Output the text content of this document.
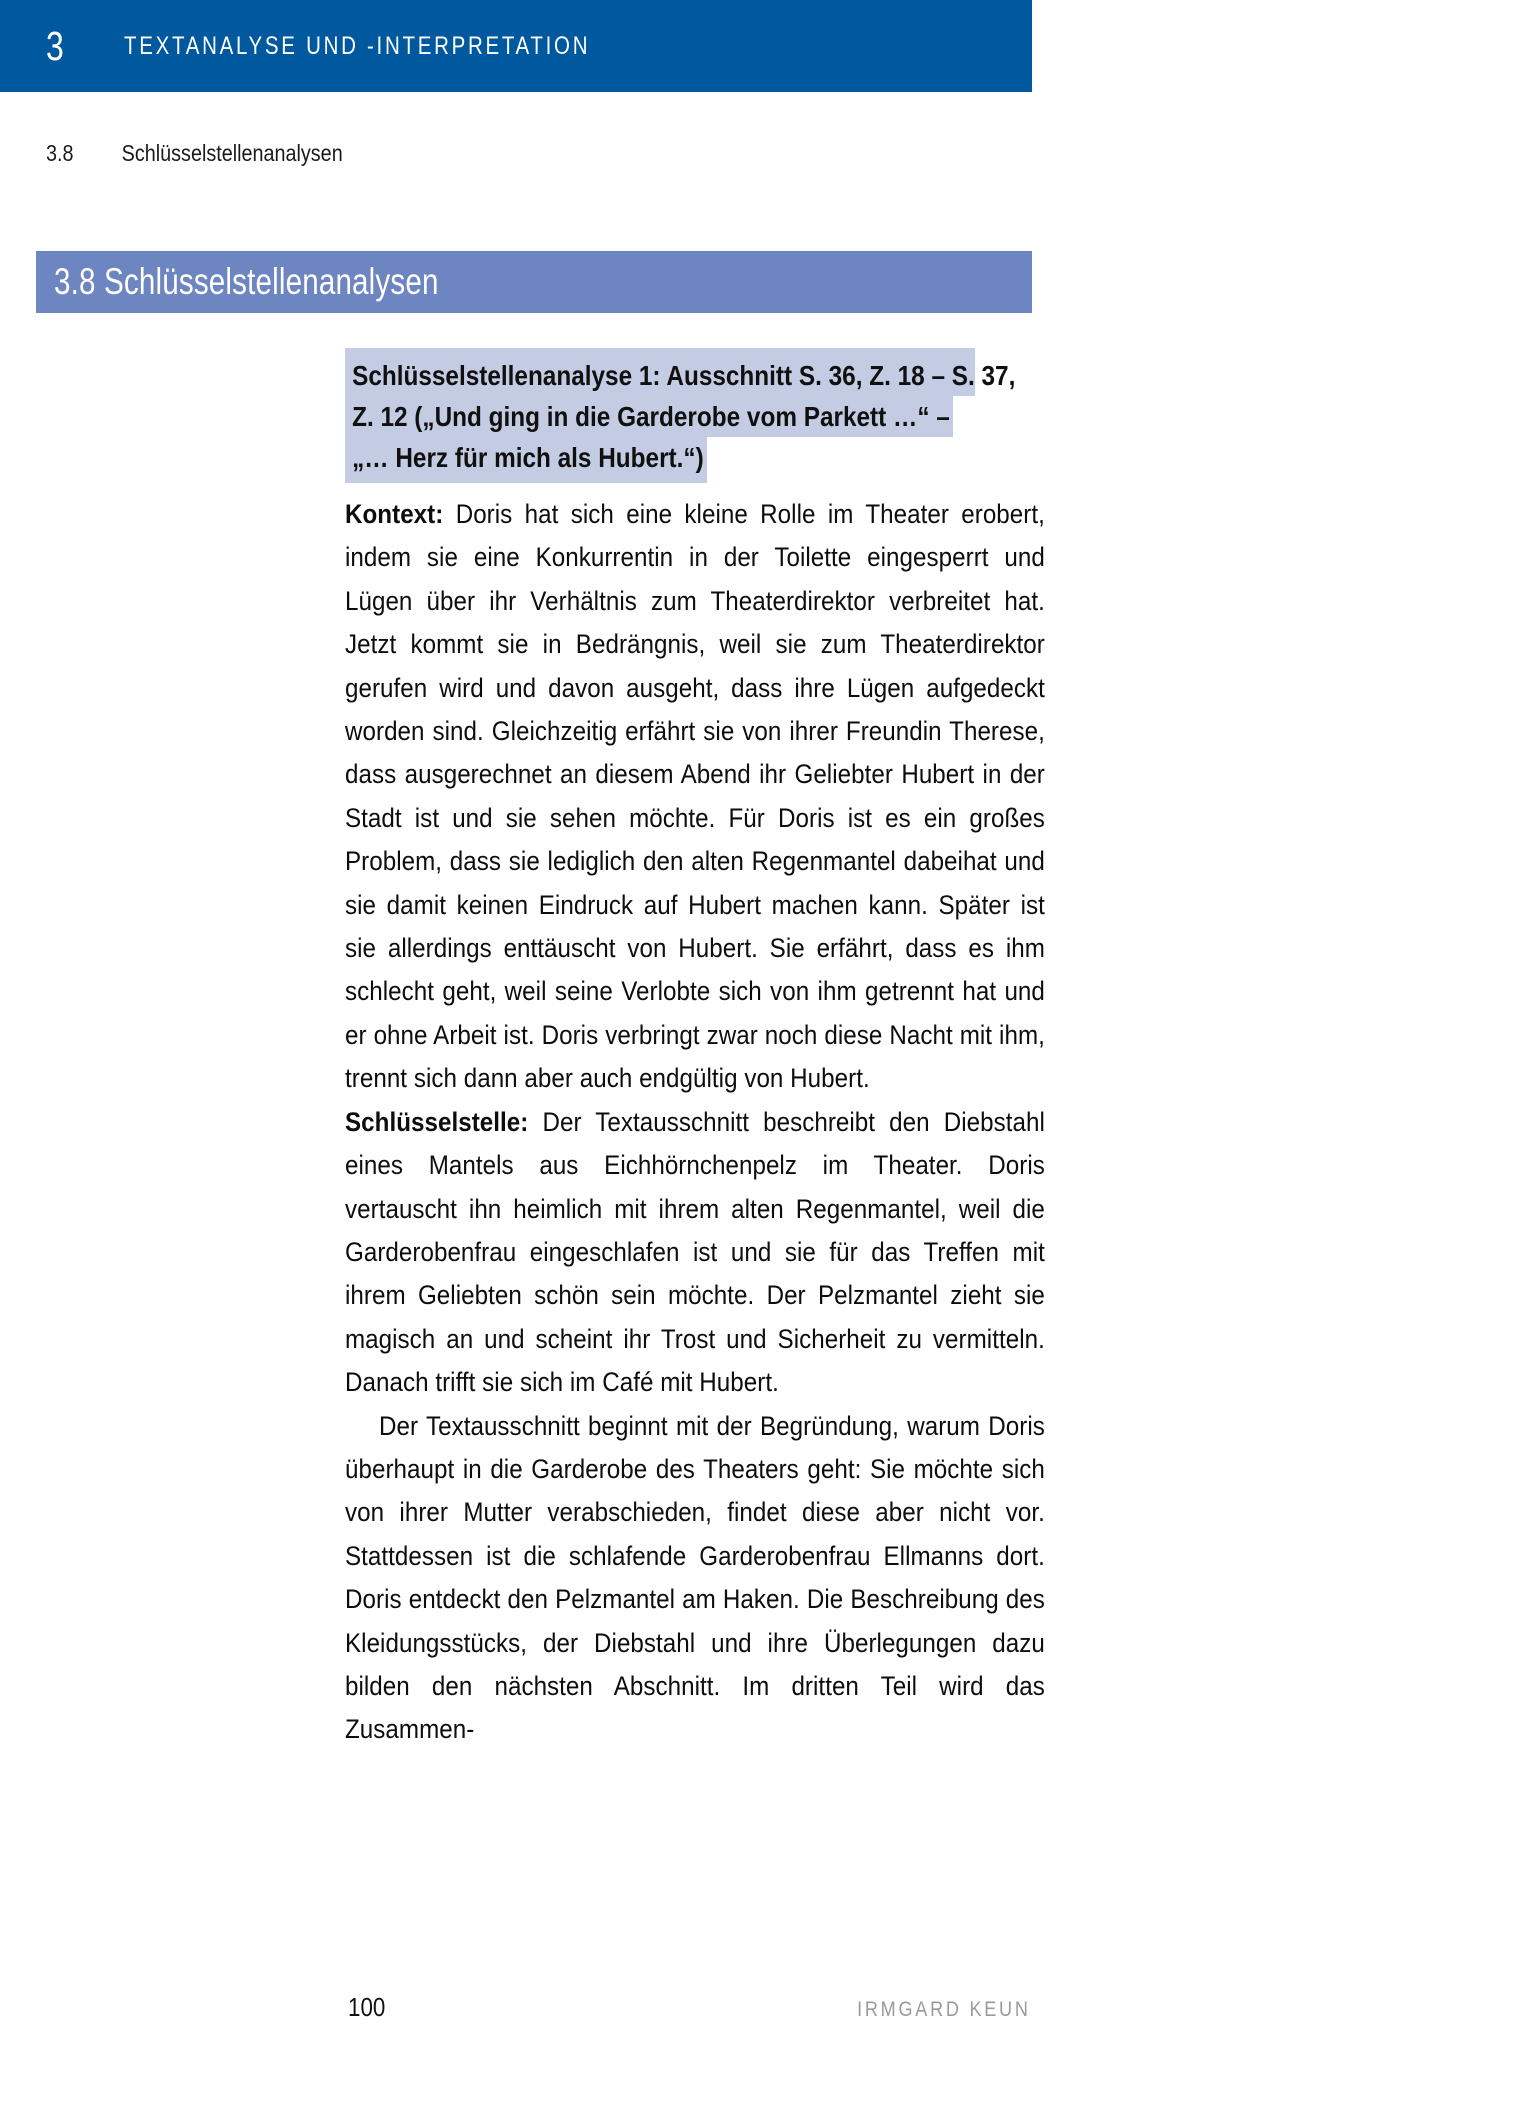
3	TEXTANALYSE UND -INTERPRETATION
3.8	Schlüsselstellenanalysen
3.8 Schlüsselstellenanalysen
Schlüsselstellenanalyse 1: Ausschnitt S. 36, Z. 18 – S. 37,
Z. 12 („Und ging in die Garderobe vom Parkett …“ –
„… Herz für mich als Hubert.“)

Kontext: Doris hat sich eine kleine Rolle im Theater erobert, indem sie eine Konkurrentin in der Toilette eingesperrt und Lügen über ihr Verhältnis zum Theaterdirektor verbreitet hat. Jetzt kommt sie in Bedrängnis, weil sie zum Theaterdirektor gerufen wird und davon ausgeht, dass ihre Lügen aufgedeckt worden sind. Gleichzeitig erfährt sie von ihrer Freundin Therese, dass ausgerechnet an diesem Abend ihr Geliebter Hubert in der Stadt ist und sie sehen möchte. Für Doris ist es ein großes Problem, dass sie lediglich den alten Regenmantel dabeihat und sie damit keinen Eindruck auf Hubert machen kann. Später ist sie allerdings enttäuscht von Hubert. Sie erfährt, dass es ihm schlecht geht, weil seine Verlobte sich von ihm getrennt hat und er ohne Arbeit ist. Doris verbringt zwar noch diese Nacht mit ihm, trennt sich dann aber auch endgültig von Hubert.

Schlüsselstelle: Der Textausschnitt beschreibt den Diebstahl eines Mantels aus Eichhörnchenpelz im Theater. Doris vertauscht ihn heimlich mit ihrem alten Regenmantel, weil die Garderobenfrau eingeschlafen ist und sie für das Treffen mit ihrem Geliebten schön sein möchte. Der Pelzmantel zieht sie magisch an und scheint ihr Trost und Sicherheit zu vermitteln. Danach trifft sie sich im Café mit Hubert.

Der Textausschnitt beginnt mit der Begründung, warum Doris überhaupt in die Garderobe des Theaters geht: Sie möchte sich von ihrer Mutter verabschieden, findet diese aber nicht vor. Stattdessen ist die schlafende Garderobenfrau Ellmanns dort. Doris entdeckt den Pelzmantel am Haken. Die Beschreibung des Kleidungsstücks, der Diebstahl und ihre Überlegungen dazu bilden den nächsten Abschnitt. Im dritten Teil wird das Zusammen-

100	IRMGARD KEUN
